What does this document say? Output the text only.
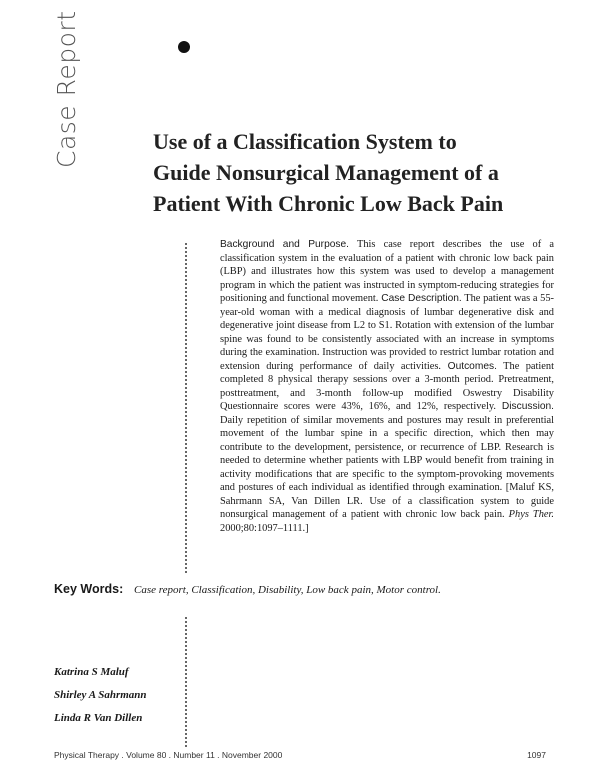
Case Report	Use of a Classification System to
Guide Nonsurgical Management of a
Patient With Chronic Low Back Pain

Background and Purpose. This case report describes the use of a classification system in the evaluation of a patient with chronic low back pain (LBP) and illustrates how this system was used to develop a management program in which the patient was instructed in symptom-reducing strategies for positioning and functional movement. Case Description. The patient was a 55-year-old woman with a medical diagnosis of lumbar degenerative disk and degenerative joint disease from L2 to S1. Rotation with extension of the lumbar spine was found to be consistently associated with an increase in symptoms during the examination. Instruction was provided to restrict lumbar rotation and extension during performance of daily activities. Outcomes. The patient completed 8 physical therapy sessions over a 3-month period. Pretreatment, posttreatment, and 3-month follow-up modified Oswestry Disability Questionnaire scores were 43%, 16%, and 12%, respectively. Discussion. Daily repetition of similar movements and postures may result in preferential movement of the lumbar spine in a specific direction, which then may contribute to the development, persistence, or recurrence of LBP. Research is needed to determine whether patients with LBP would benefit from training in activity modifications that are specific to the symptom-provoking movements and postures of each individual as identified through examination. [Maluf KS, Sahrmann SA, Van Dillen LR. Use of a classification system to guide nonsurgical management of a patient with chronic low back pain. Phys Ther. 2000;80:1097–1111.]

Key Words: Case report, Classification, Disability, Low back pain, Motor control.
Katrina S Maluf
Shirley A Sahrmann
Linda R Van Dillen
Physical Therapy . Volume 80 . Number 11 . November 2000	1097
